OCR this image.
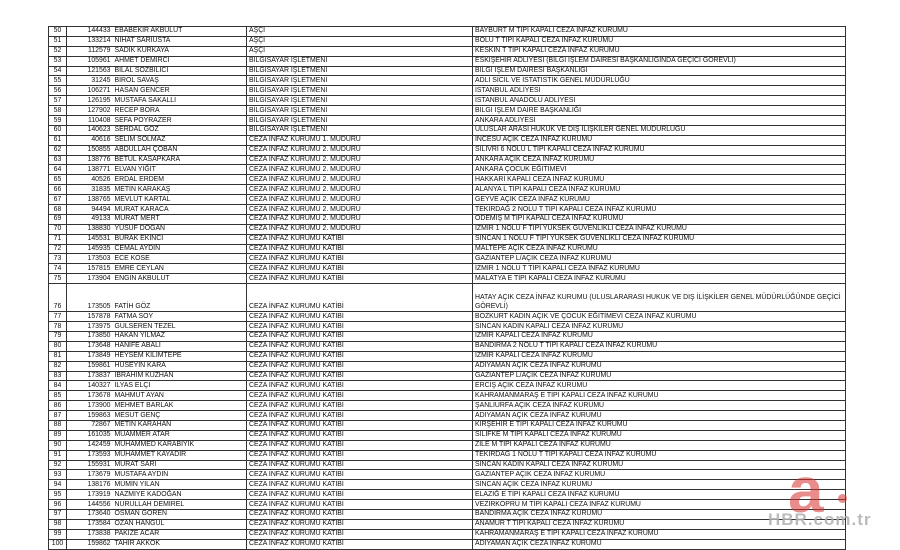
50	144433	EBABEKİR AKBULUT	AŞÇI	BAYBURT M TİPİ KAPALI CEZA İNFAZ KURUMU
51	133214	NİHAT SARIUSTA	AŞÇI	BOLU T TİPİ KAPALI CEZA İNFAZ KURUMU
52	112579	SADIK KÜRKAYA	AŞÇI	KESKİN T TİPİ KAPALI CEZA İNFAZ KURUMU
53	105961	AHMET DEMİRCİ	BİLGİSAYAR İŞLETMENİ	ESKİŞEHİR ADLİYESİ (BİLGİ İŞLEM DAİRESİ BAŞKANLIĞINDA GEÇİCİ GÖREVLİ)
54	121563	BİLAL SÖZBİLİCİ	BİLGİSAYAR İŞLETMENİ	BİLGİ İŞLEM DAİRESİ BAŞKANLIĞI
55	31245	BİROL SAVAŞ	BİLGİSAYAR İŞLETMENİ	ADLİ SİCİL VE İSTATİSTİK GENEL MÜDÜRLÜĞÜ
56	106271	HASAN GENCER	BİLGİSAYAR İŞLETMENİ	İSTANBUL ADLİYESİ
57	126195	MUSTAFA SAKALLI	BİLGİSAYAR İŞLETMENİ	İSTANBUL ANADOLU ADLİYESİ
58	127902	RECEP BORA	BİLGİSAYAR İŞLETMENİ	BİLGİ İŞLEM DAİRE BAŞKANLIĞI
59	110408	SEFA POYRAZER	BİLGİSAYAR İŞLETMENİ	ANKARA ADLİYESİ
60	140623	SERDAL GÖZ	BİLGİSAYAR İŞLETMENİ	ULUSLAR ARASI HUKUK VE DIŞ İLİŞKİLER GENEL MÜDÜRLÜĞÜ
61	40616	SELİM SOLMAZ	CEZA İNFAZ KURUMU 1. MÜDÜRÜ	İNCESU AÇIK CEZA İNFAZ KURUMU
62	150855	ABDULLAH ÇOBAN	CEZA İNFAZ KURUMU 2. MÜDÜRÜ	SİLİVRİ 6 NOLU L TİPİ KAPALI CEZA İNFAZ KURUMU
63	138776	BETÜL KASAPKARA	CEZA İNFAZ KURUMU 2. MÜDÜRÜ	ANKARA AÇIK CEZA İNFAZ KURUMU
64	138771	ELVAN YİĞİT	CEZA İNFAZ KURUMU 2. MÜDÜRÜ	ANKARA ÇOCUK EĞİTİMEVİ
65	40526	ERDAL ERDEM	CEZA İNFAZ KURUMU 2. MÜDÜRÜ	HAKKARİ KAPALI CEZA İNFAZ KURUMU
66	31835	METİN KARAKAŞ	CEZA İNFAZ KURUMU 2. MÜDÜRÜ	ALANYA L TİPİ KAPALI CEZA İNFAZ KURUMU
67	138765	MEVLÜT KARTAL	CEZA İNFAZ KURUMU 2. MÜDÜRÜ	GEYVE AÇIK CEZA İNFAZ KURUMU
68	94494	MURAT KARACA	CEZA İNFAZ KURUMU 2. MÜDÜRÜ	TEKİRDAĞ 2 NOLU T TİPİ KAPALI CEZA İNFAZ KURUMU
69	49133	MURAT MERT	CEZA İNFAZ KURUMU 2. MÜDÜRÜ	ÖDEMİŞ M TİPİ KAPALI CEZA İNFAZ KURUMU
70	138830	YUSUF DOĞAN	CEZA İNFAZ KURUMU 2. MÜDÜRÜ	İZMİR 1 NOLU F TİPİ YÜKSEK GÜVENLİKLİ CEZA İNFAZ KURUMU
71	145531	BURAK EKİNCİ	CEZA İNFAZ KURUMU KATİBİ	SİNCAN 1 NOLU F TİPİ YÜKSEK GÜVENLİKLİ CEZA İNFAZ KURUMU
72	145935	CEMAL AYDIN	CEZA İNFAZ KURUMU KATİBİ	MALTEPE AÇIK CEZA İNFAZ KURUMU
73	173503	ECE KÖSE	CEZA İNFAZ KURUMU KATİBİ	GAZİANTEP L/AÇIK CEZA İNFAZ KURUMU
74	157815	EMRE CEYLAN	CEZA İNFAZ KURUMU KATİBİ	İZMİR 1 NOLU T TİPİ KAPALI CEZA İNFAZ KURUMU
75	173904	ENGİN AKBULUT	CEZA İNFAZ KURUMU KATİBİ	MALATYA E TİPİ KAPALI CEZA İNFAZ KURUMU
76	173505	FATİH GÖZ	CEZA İNFAZ KURUMU KATİBİ	HATAY AÇIK CEZA İNFAZ KURUMU (ULUSLARARASI HUKUK VE DIŞ İLİŞKİLER GENEL MÜDÜRLÜĞÜNDE GEÇİCİ GÖREVLİ)
77	157878	FATMA SOY	CEZA İNFAZ KURUMU KATİBİ	BOZKURT KADIN AÇIK VE ÇOCUK EĞİTİMEVİ CEZA İNFAZ KURUMU
78	173975	GÜLSEREN TEZEL	CEZA İNFAZ KURUMU KATİBİ	SİNCAN KADIN KAPALI CEZA İNFAZ KURUMU
79	173850	HAKAN YILMAZ	CEZA İNFAZ KURUMU KATİBİ	İZMİR KAPALI CEZA İNFAZ KURUMU
80	173648	HANİFE ABALI	CEZA İNFAZ KURUMU KATİBİ	BANDIRMA 2 NOLU T TİPİ KAPALI CEZA İNFAZ KURUMU
81	173849	HEYSEM KILIMTEPE	CEZA İNFAZ KURUMU KATİBİ	İZMİR KAPALI CEZA İNFAZ KURUMU
82	159861	HÜSEYİN KARA	CEZA İNFAZ KURUMU KATİBİ	ADIYAMAN AÇIK CEZA İNFAZ KURUMU
83	173837	İBRAHİM KUZHAN	CEZA İNFAZ KURUMU KATİBİ	GAZİANTEP L/AÇIK CEZA İNFAZ KURUMU
84	140327	İLYAS ELÇİ	CEZA İNFAZ KURUMU KATİBİ	ERCİŞ AÇIK CEZA İNFAZ KURUMU
85	173678	MAHMUT AYAN	CEZA İNFAZ KURUMU KATİBİ	KAHRAMANMARAŞ E TİPİ KAPALI CEZA İNFAZ KURUMU
86	173900	MEHMET BARLAK	CEZA İNFAZ KURUMU KATİBİ	ŞANLIURFA AÇIK CEZA İNFAZ KURUMU
87	159863	MESUT GENÇ	CEZA İNFAZ KURUMU KATİBİ	ADIYAMAN AÇIK CEZA İNFAZ KURUMU
88	72867	METİN KARAHAN	CEZA İNFAZ KURUMU KATİBİ	KIRŞEHİR E TİPİ KAPALI CEZA İNFAZ KURUMU
89	161035	MUAMMER ATAR	CEZA İNFAZ KURUMU KATİBİ	SİLİFKE M TİPİ KAPALI CEZA İNFAZ KURUMU
90	142459	MUHAMMED KARABIYIK	CEZA İNFAZ KURUMU KATİBİ	ZİLE M TİPİ KAPALI CEZA İNFAZ KURUMU
91	173593	MUHAMMET KAYADİR	CEZA İNFAZ KURUMU KATİBİ	TEKİRDAĞ 1 NOLU T TİPİ KAPALI CEZA İNFAZ KURUMU
92	155931	MURAT SARI	CEZA İNFAZ KURUMU KATİBİ	SİNCAN KADIN KAPALI CEZA İNFAZ KURUMU
93	173679	MUSTAFA AYDIN	CEZA İNFAZ KURUMU KATİBİ	GAZİANTEP AÇIK CEZA İNFAZ KURUMU
94	138176	MÜMİN YILAN	CEZA İNFAZ KURUMU KATİBİ	SİNCAN AÇIK CEZA İNFAZ KURUMU
95	173919	NAZMİYE KADOĞAN	CEZA İNFAZ KURUMU KATİBİ	ELAZIĞ E TİPİ KAPALI CEZA İNFAZ KURUMU
96	144556	NURULLAH DEMİREL	CEZA İNFAZ KURUMU KATİBİ	VEZİRKÖPRÜ M TİPİ KAPALI CEZA İNFAZ KURUMU
97	173640	OSMAN GÖREN	CEZA İNFAZ KURUMU KATİBİ	BANDIRMA AÇIK CEZA İNFAZ KURUMU
98	173584	OZAN HANGÜL	CEZA İNFAZ KURUMU KATİBİ	ANAMUR T TİPİ KAPALI CEZA İNFAZ KURUMU
99	173838	PAKİZE ACAR	CEZA İNFAZ KURUMU KATİBİ	KAHRAMANMARAŞ E TİPİ KAPALI CEZA İNFAZ KURUMU
100	159862	TAHİR AKKÖK	CEZA İNFAZ KURUMU KATİBİ	ADIYAMAN AÇIK CEZA İNFAZ KURUMU
a
HBR.com.tr
